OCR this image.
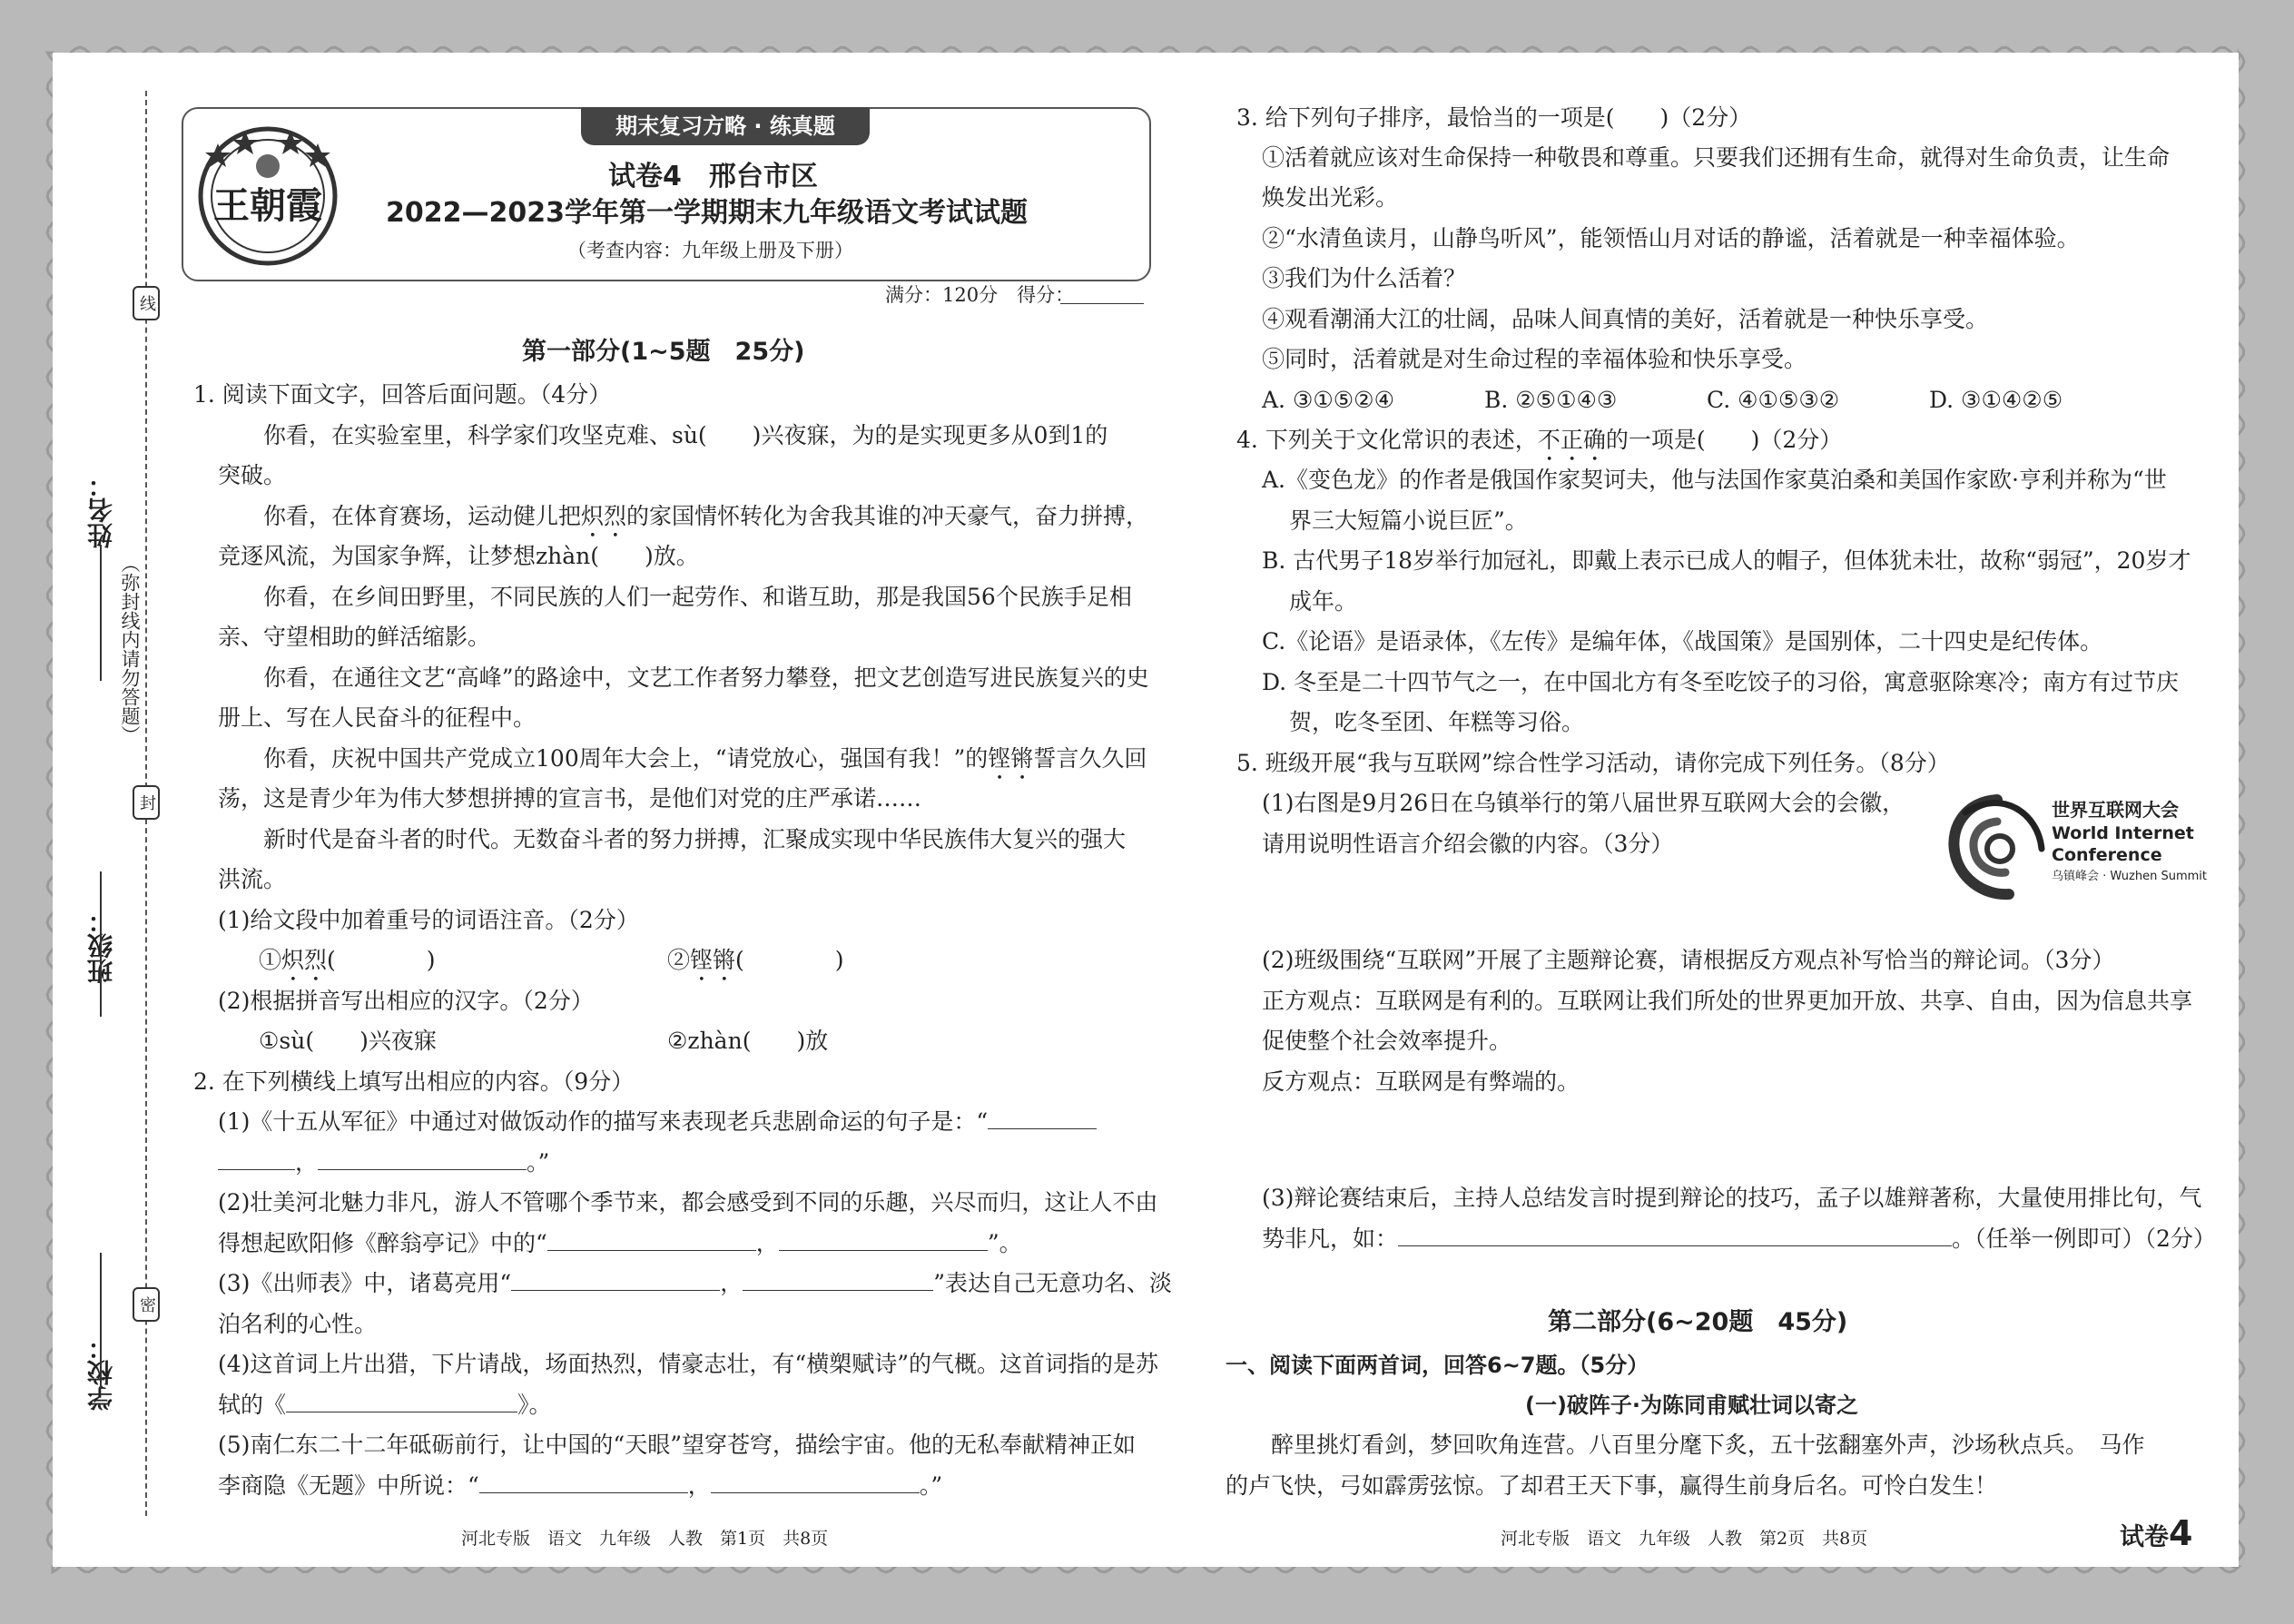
线
封
密
姓名：
班级：
学校：
（弥封线内请勿答题）
期末复习方略 · 练真题
王朝霞
试卷4　邢台市区
2022—2023学年第一学期期末九年级语文考试试题
（考查内容：九年级上册及下册）
满分：120分　得分：
第一部分(1~5题　25分)
1. 阅读下面文字，回答后面问题。（4分）
你看，在实验室里，科学家们攻坚克难、sù(　　)兴夜寐，为的是实现更多从0到1的
突破。
你看，在体育赛场，运动健儿把炽烈的家国情怀转化为舍我其谁的冲天豪气，奋力拼搏，
竞逐风流，为国家争辉，让梦想zhàn(　　)放。
你看，在乡间田野里，不同民族的人们一起劳作、和谐互助，那是我国56个民族手足相
亲、守望相助的鲜活缩影。
你看，在通往文艺“高峰”的路途中，文艺工作者努力攀登，把文艺创造写进民族复兴的史
册上、写在人民奋斗的征程中。
你看，庆祝中国共产党成立100周年大会上，“请党放心，强国有我！”的铿锵誓言久久回
荡，这是青少年为伟大梦想拼搏的宣言书，是他们对党的庄严承诺……
新时代是奋斗者的时代。无数奋斗者的努力拼搏，汇聚成实现中华民族伟大复兴的强大
洪流。
(1)给文段中加着重号的词语注音。（2分）
①炽烈(　　　　)	②铿锵(　　　　)
(2)根据拼音写出相应的汉字。（2分）
①sù(　　)兴夜寐	②zhàn(　　)放
2. 在下列横线上填写出相应的内容。（9分）
(1)《十五从军征》中通过对做饭动作的描写来表现老兵悲剧命运的句子是：“
，	。”
(2)壮美河北魅力非凡，游人不管哪个季节来，都会感受到不同的乐趣，兴尽而归，这让人不由
得想起欧阳修《醉翁亭记》中的“	，	”。
(3)《出师表》中，诸葛亮用“	，	”表达自己无意功名、淡
泊名利的心性。
(4)这首词上片出猎，下片请战，场面热烈，情豪志壮，有“横槊赋诗”的气概。这首词指的是苏
轼的《	》。
(5)南仁东二十二年砥砺前行，让中国的“天眼”望穿苍穹，描绘宇宙。他的无私奉献精神正如
李商隐《无题》中所说：“	，	。”
河北专版　语文　九年级　人教　第1页　共8页
3. 给下列句子排序，最恰当的一项是(　　)（2分）
①活着就应该对生命保持一种敬畏和尊重。只要我们还拥有生命，就得对生命负责，让生命
焕发出光彩。
②“水清鱼读月，山静鸟听风”，能领悟山月对话的静谧，活着就是一种幸福体验。
③我们为什么活着？
④观看潮涌大江的壮阔，品味人间真情的美好，活着就是一种快乐享受。
⑤同时，活着就是对生命过程的幸福体验和快乐享受。
A. ③①⑤②④	B. ②⑤①④③	C. ④①⑤③②	D. ③①④②⑤
4. 下列关于文化常识的表述，不正确的一项是(　　)（2分）
A.《变色龙》的作者是俄国作家契诃夫，他与法国作家莫泊桑和美国作家欧·亨利并称为“世
界三大短篇小说巨匠”。
B. 古代男子18岁举行加冠礼，即戴上表示已成人的帽子，但体犹未壮，故称“弱冠”，20岁才
成年。
C.《论语》是语录体，《左传》是编年体，《战国策》是国别体，二十四史是纪传体。
D. 冬至是二十四节气之一，在中国北方有冬至吃饺子的习俗，寓意驱除寒冷；南方有过节庆
贺，吃冬至团、年糕等习俗。
5. 班级开展“我与互联网”综合性学习活动，请你完成下列任务。（8分）
(1)右图是9月26日在乌镇举行的第八届世界互联网大会的会徽，
请用说明性语言介绍会徽的内容。（3分）
世界互联网大会
World Internet
Conference
乌镇峰会 · Wuzhen Summit
(2)班级围绕“互联网”开展了主题辩论赛，请根据反方观点补写恰当的辩论词。（3分）
正方观点：互联网是有利的。互联网让我们所处的世界更加开放、共享、自由，因为信息共享
促使整个社会效率提升。
反方观点：互联网是有弊端的。
(3)辩论赛结束后，主持人总结发言时提到辩论的技巧，孟子以雄辩著称，大量使用排比句，气
势非凡，如：	。（任举一例即可）（2分）
第二部分(6~20题　45分)
一、阅读下面两首词，回答6~7题。（5分）
(一)破阵子·为陈同甫赋壮词以寄之
醉里挑灯看剑，梦回吹角连营。八百里分麾下炙，五十弦翻塞外声，沙场秋点兵。　马作
的卢飞快，弓如霹雳弦惊。了却君王天下事，赢得生前身后名。可怜白发生！
河北专版　语文　九年级　人教　第2页　共8页	试卷4
